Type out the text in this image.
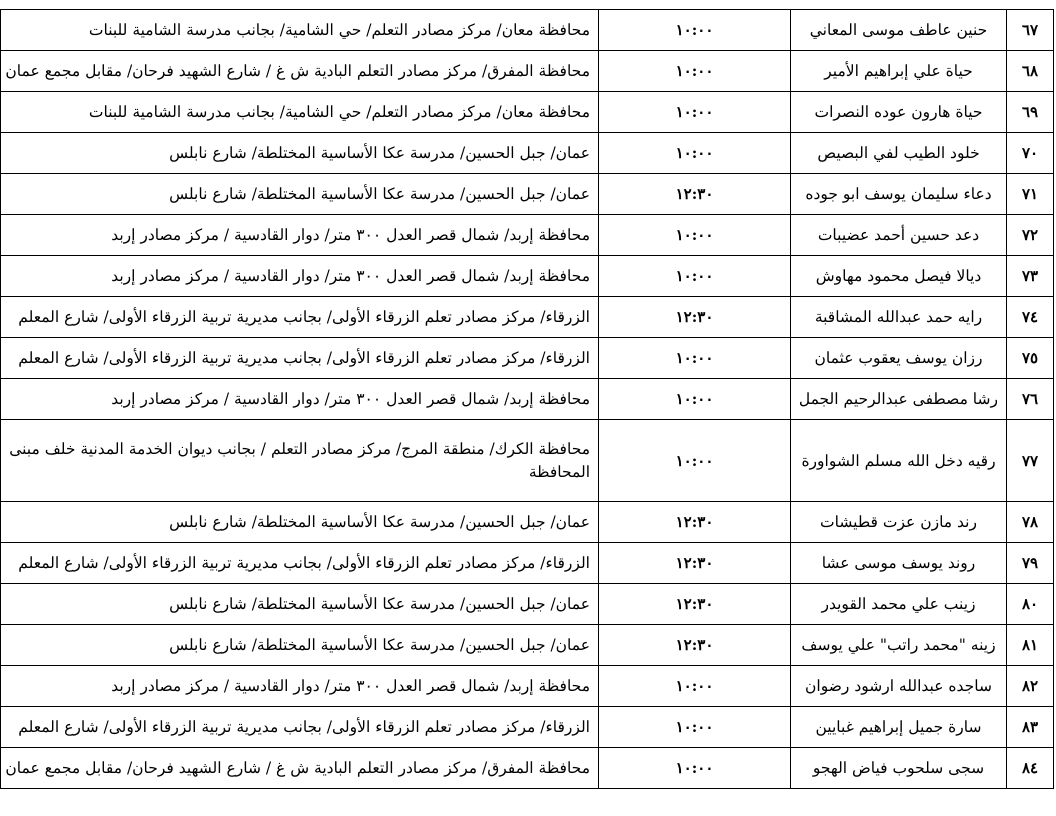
٦٧	حنين عاطف موسى المعاني	١٠:٠٠	محافظة معان/ مركز مصادر التعلم/ حي الشامية/ بجانب مدرسة الشامية للبنات
٦٨	حياة علي إبراهيم الأمير	١٠:٠٠	محافظة المفرق/ مركز مصادر التعلم البادية ش غ / شارع الشهيد فرحان/ مقابل مجمع عمان
٦٩	حياة هارون عوده النصرات	١٠:٠٠	محافظة معان/ مركز مصادر التعلم/ حي الشامية/ بجانب مدرسة الشامية للبنات
٧٠	خلود الطيب لفي البصيص	١٠:٠٠	عمان/ جبل الحسين/ مدرسة عكا الأساسية المختلطة/ شارع نابلس
٧١	دعاء سليمان يوسف ابو جوده	١٢:٣٠	عمان/ جبل الحسين/ مدرسة عكا الأساسية المختلطة/ شارع نابلس
٧٢	دعد حسين أحمد عضيبات	١٠:٠٠	محافظة إربد/ شمال قصر العدل ٣٠٠ متر/ دوار القادسية / مركز مصادر إربد
٧٣	ديالا فيصل محمود مهاوش	١٠:٠٠	محافظة إربد/ شمال قصر العدل ٣٠٠ متر/ دوار القادسية / مركز مصادر إربد
٧٤	رايه حمد عبدالله المشاقبة	١٢:٣٠	الزرقاء/ مركز مصادر تعلم الزرقاء الأولى/ بجانب مديرية تربية الزرقاء الأولى/ شارع المعلم
٧٥	رزان يوسف يعقوب عثمان	١٠:٠٠	الزرقاء/ مركز مصادر تعلم الزرقاء الأولى/ بجانب مديرية تربية الزرقاء الأولى/ شارع المعلم
٧٦	رشا مصطفى عبدالرحيم الجمل	١٠:٠٠	محافظة إربد/ شمال قصر العدل ٣٠٠ متر/ دوار القادسية / مركز مصادر إربد
٧٧	رقيه دخل الله مسلم الشواورة	١٠:٠٠	محافظة الكرك/ منطقة المرج/ مركز مصادر التعلم / بجانب ديوان الخدمة المدنية خلف مبنى المحافظة
٧٨	رند مازن عزت قطيشات	١٢:٣٠	عمان/ جبل الحسين/ مدرسة عكا الأساسية المختلطة/ شارع نابلس
٧٩	روند يوسف موسى عشا	١٢:٣٠	الزرقاء/ مركز مصادر تعلم الزرقاء الأولى/ بجانب مديرية تربية الزرقاء الأولى/ شارع المعلم
٨٠	زينب علي محمد القويدر	١٢:٣٠	عمان/ جبل الحسين/ مدرسة عكا الأساسية المختلطة/ شارع نابلس
٨١	زينه "محمد راتب" علي يوسف	١٢:٣٠	عمان/ جبل الحسين/ مدرسة عكا الأساسية المختلطة/ شارع نابلس
٨٢	ساجده عبدالله ارشود رضوان	١٠:٠٠	محافظة إربد/ شمال قصر العدل ٣٠٠ متر/ دوار القادسية / مركز مصادر إربد
٨٣	سارة جميل إبراهيم غبايين	١٠:٠٠	الزرقاء/ مركز مصادر تعلم الزرقاء الأولى/ بجانب مديرية تربية الزرقاء الأولى/ شارع المعلم
٨٤	سجى سلحوب فياض الهجو	١٠:٠٠	محافظة المفرق/ مركز مصادر التعلم البادية ش غ / شارع الشهيد فرحان/ مقابل مجمع عمان
